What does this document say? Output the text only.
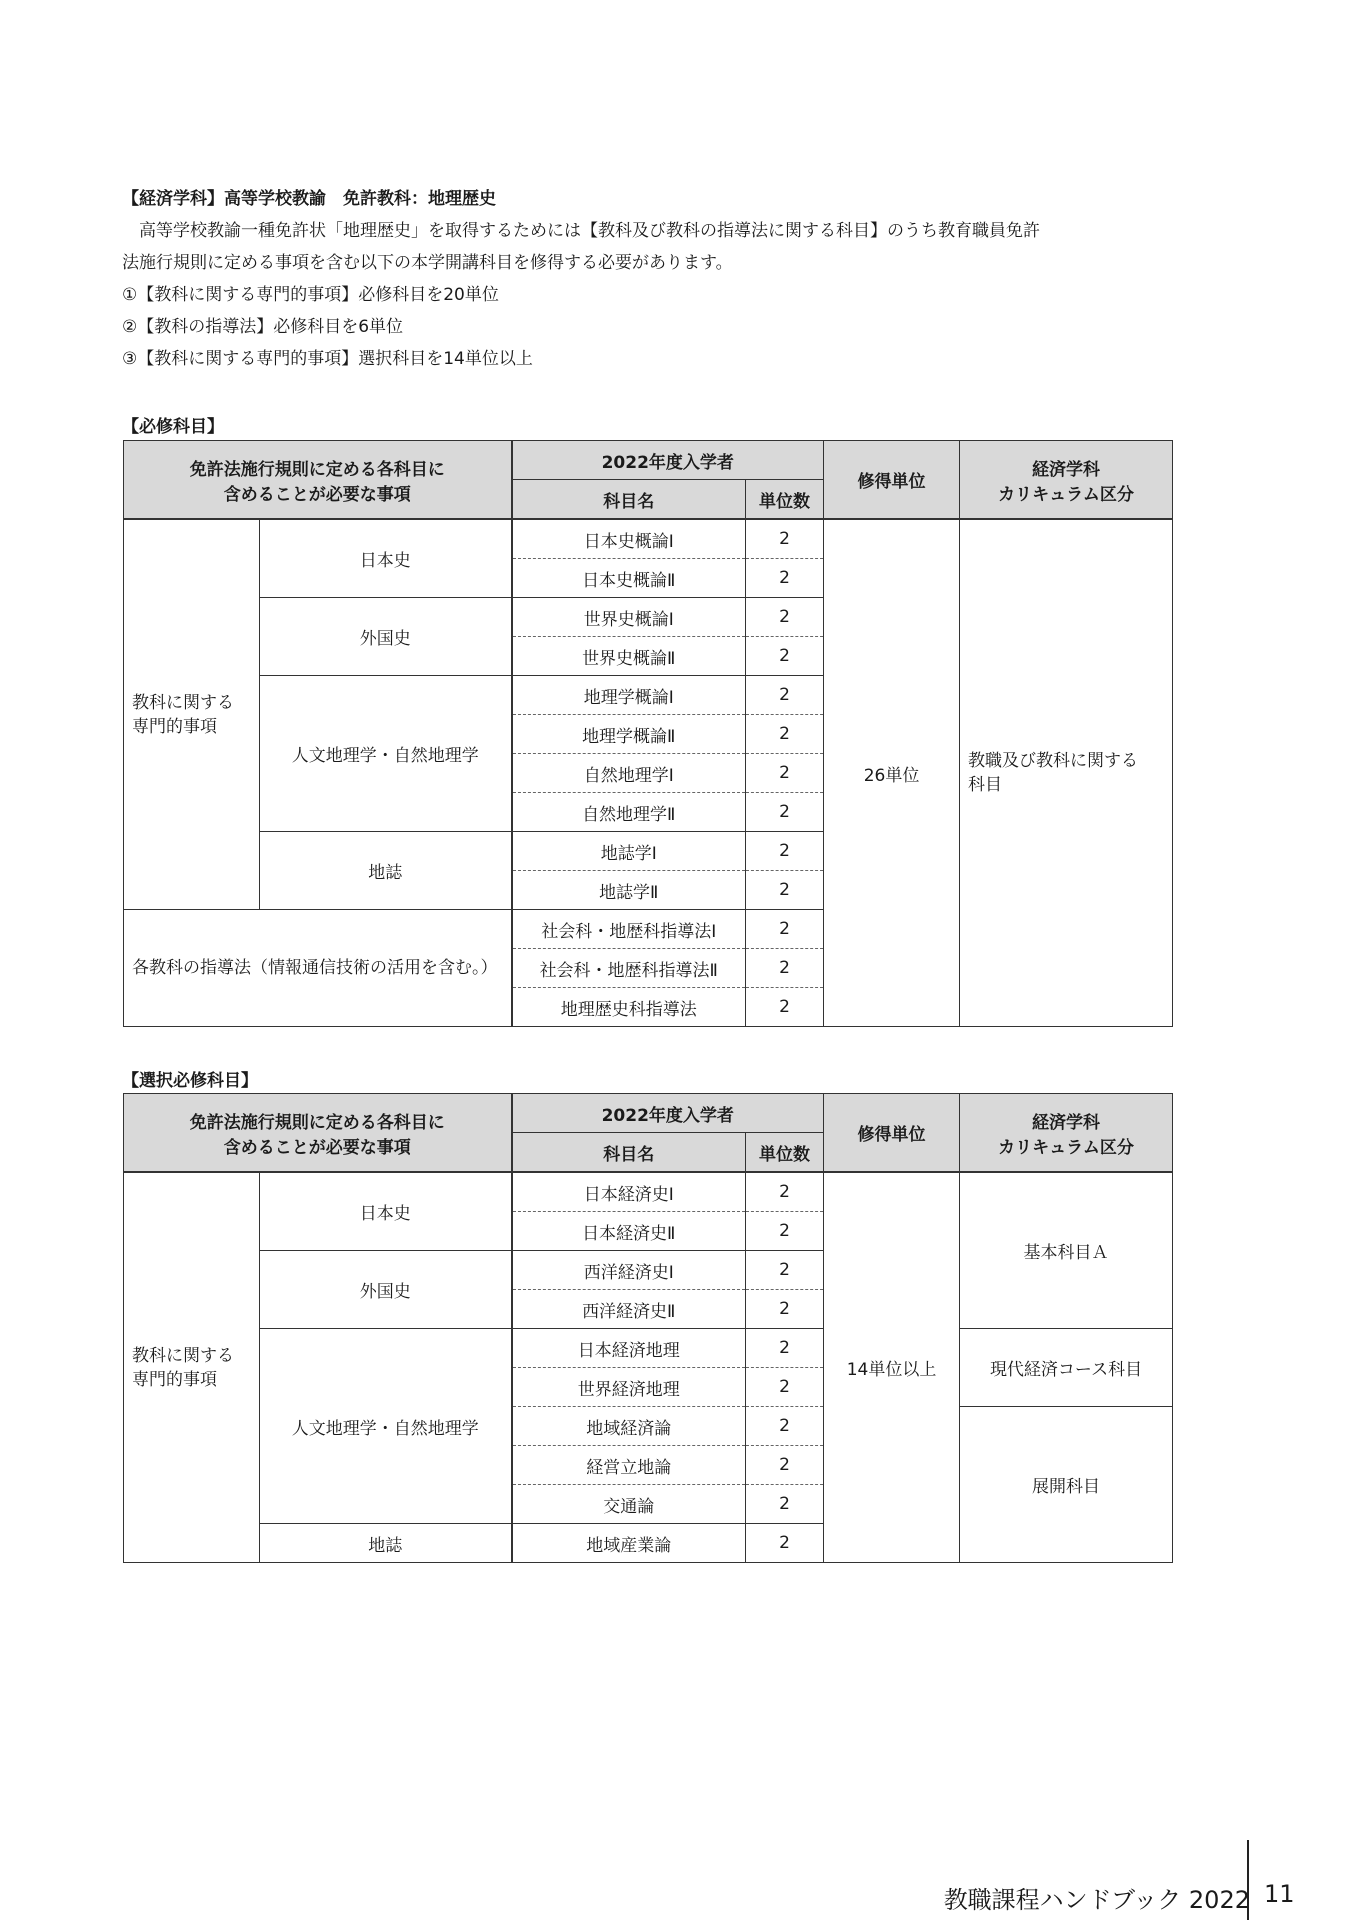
【経済学科】高等学校教諭　免許教科：地理歴史

高等学校教諭一種免許状「地理歴史」を取得するためには【教科及び教科の指導法に関する科目】のうち教育職員免許

法施行規則に定める事項を含む以下の本学開講科目を修得する必要があります。

①【教科に関する専門的事項】必修科目を20単位

②【教科の指導法】必修科目を6単位

③【教科に関する専門的事項】選択科目を14単位以上

【必修科目】

免許法施行規則に定める各科目に
含めることが必要な事項		2022年度入学者		修得単位	経済学科
カリキュラム区分
		科目名	単位数		
教科に関する
専門的事項	日本史	日本史概論Ⅰ	2	26単位	教職及び教科に関する
科目
		日本史概論Ⅱ	2		
	外国史	世界史概論Ⅰ	2		
		世界史概論Ⅱ	2		
	人文地理学・自然地理学	地理学概論Ⅰ	2		
		地理学概論Ⅱ	2		
		自然地理学Ⅰ	2		
		自然地理学Ⅱ	2		
	地誌	地誌学Ⅰ	2		
		地誌学Ⅱ	2		
各教科の指導法（情報通信技術の活用を含む。）		社会科・地歴科指導法Ⅰ	2		
		社会科・地歴科指導法Ⅱ	2		
		地理歴史科指導法	2		

【選択必修科目】

免許法施行規則に定める各科目に
含めることが必要な事項		2022年度入学者		修得単位	経済学科
カリキュラム区分
		科目名	単位数		
教科に関する
専門的事項	日本史	日本経済史Ⅰ	2	14単位以上	基本科目Ａ
		日本経済史Ⅱ	2		
	外国史	西洋経済史Ⅰ	2		
		西洋経済史Ⅱ	2		
	人文地理学・自然地理学	日本経済地理	2		現代経済コース科目
		世界経済地理	2		
		地域経済論	2		展開科目
		経営立地論	2		
		交通論	2		
	地誌	地域産業論	2		
教職課程ハンドブック 2022 11
